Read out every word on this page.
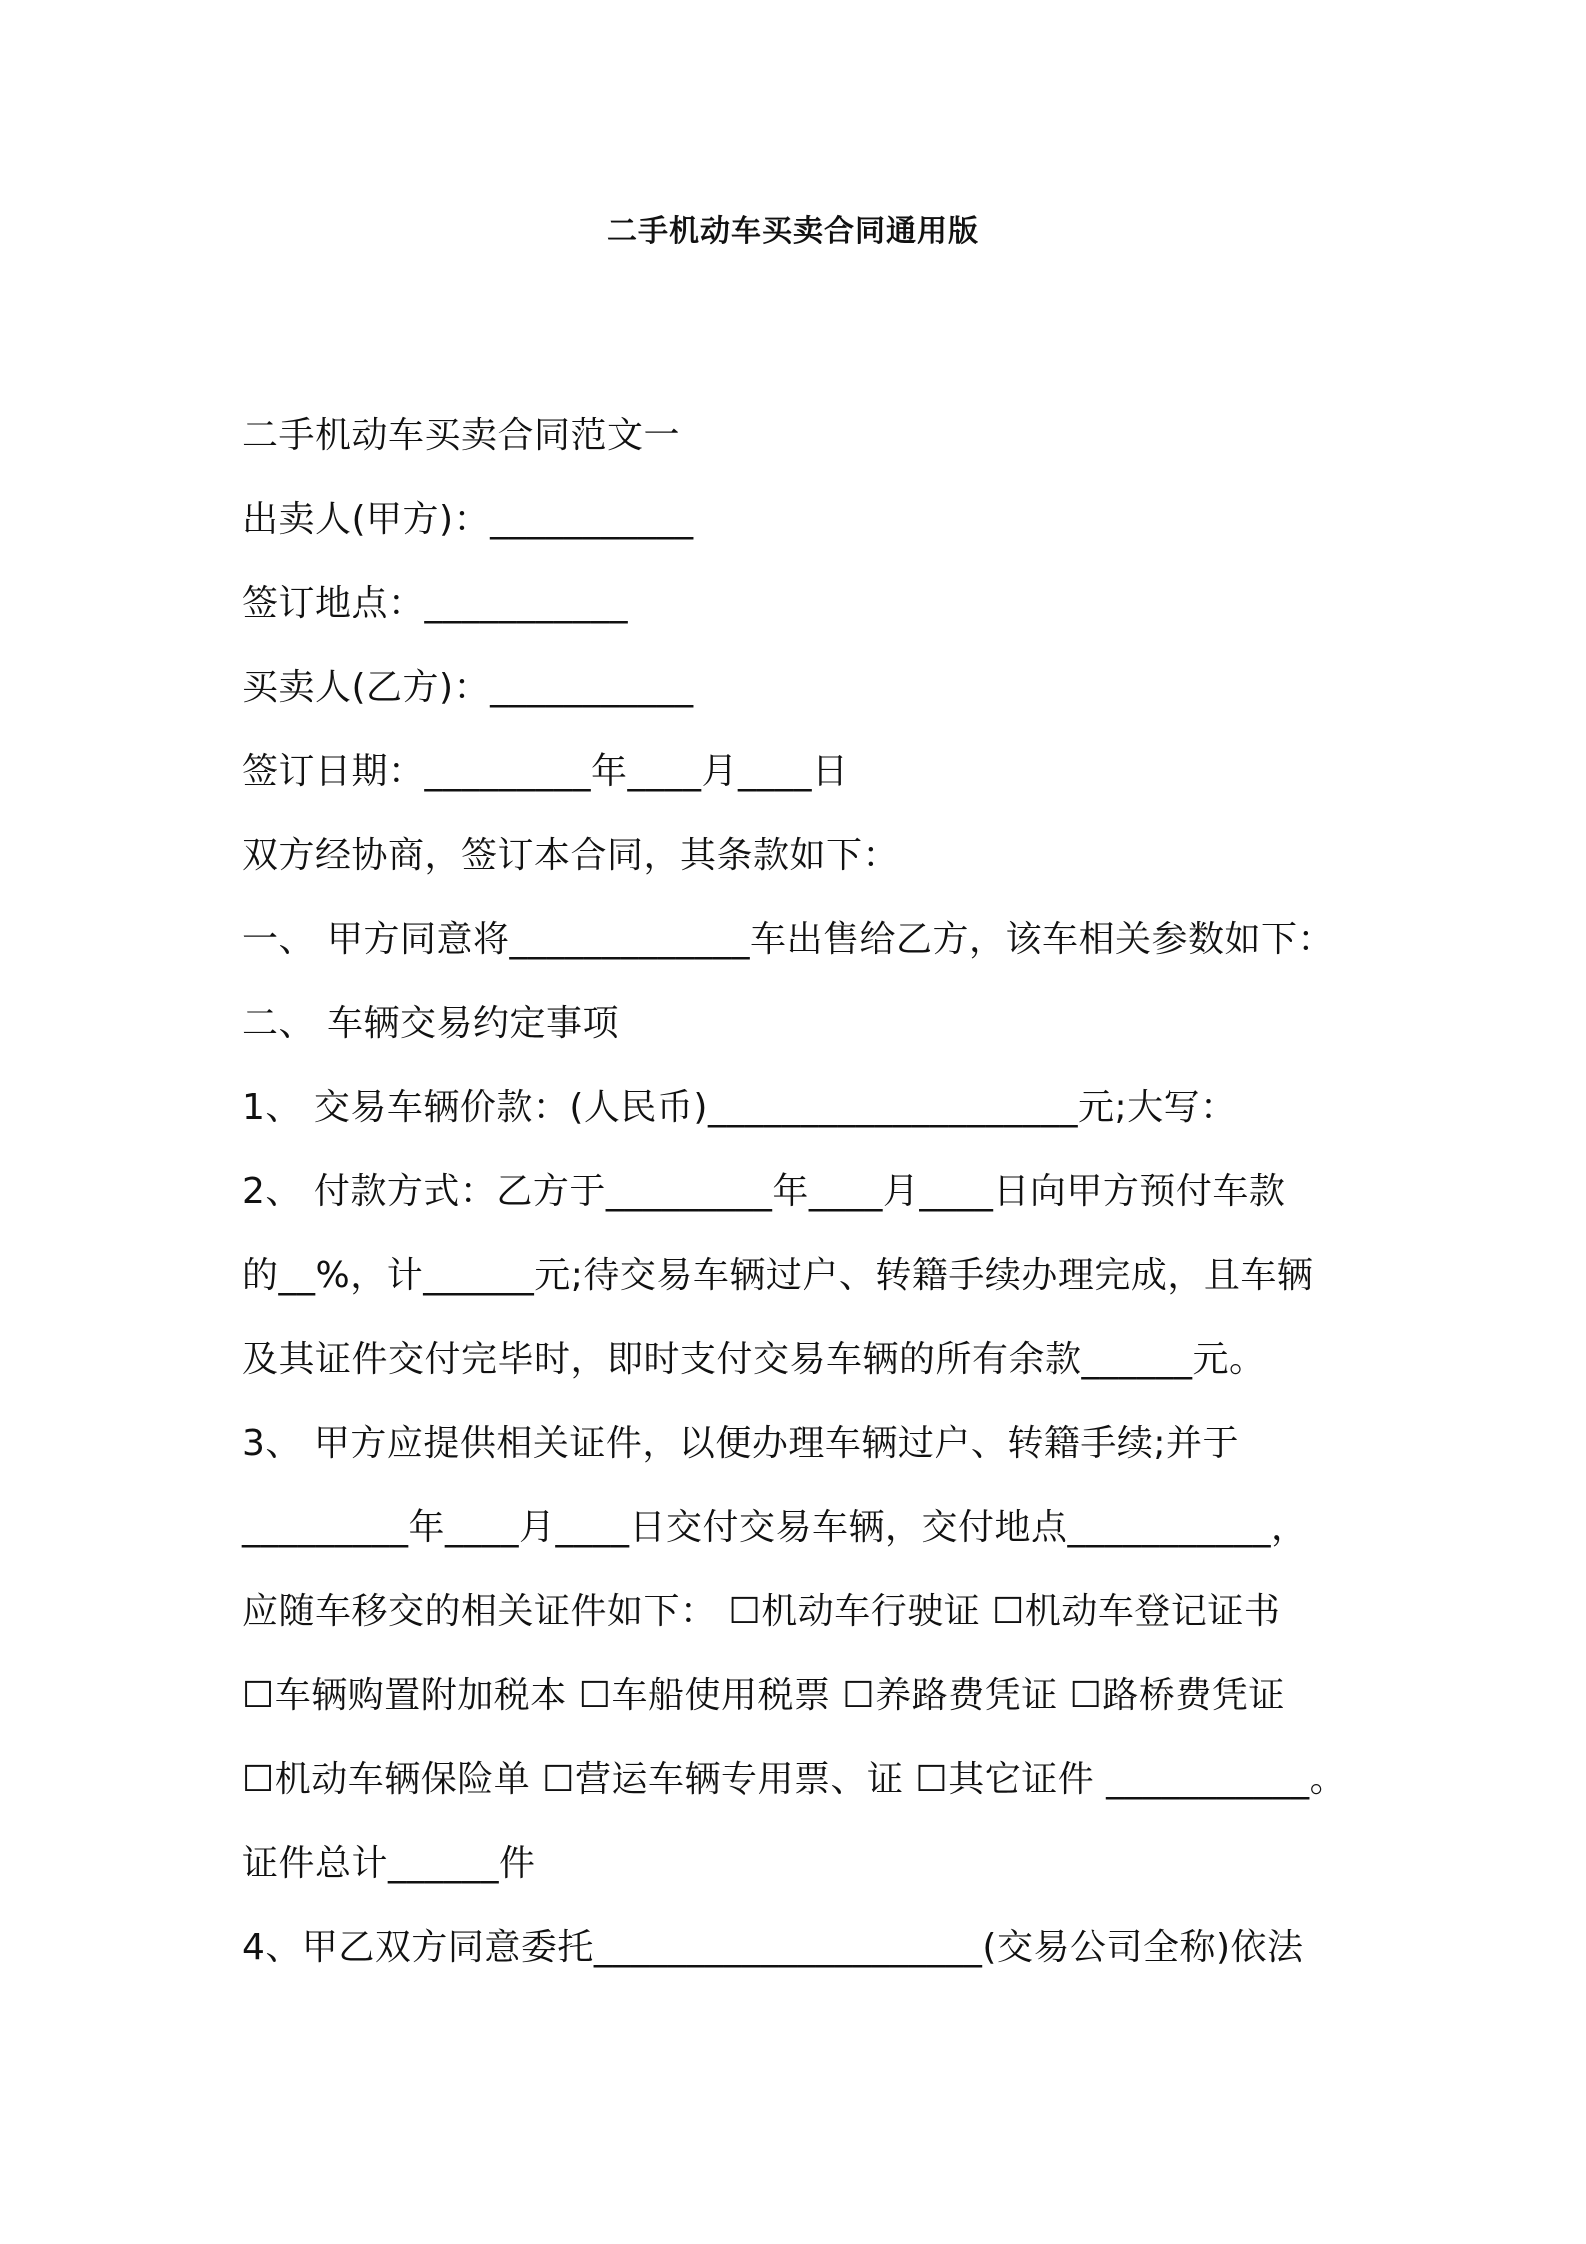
二手机动车买卖合同通用版
二手机动车买卖合同范文一
出卖人(甲方)：___________
签订地点：___________
买卖人(乙方)：___________
签订日期：_________年____月____日
双方经协商，签订本合同，其条款如下：
一、 甲方同意将_____________车出售给乙方，该车相关参数如下：
二、 车辆交易约定事项
1、 交易车辆价款：(人民币)____________________元;大写：
2、 付款方式：乙方于_________年____月____日向甲方预付车款
的__%，计______元;待交易车辆过户、转籍手续办理完成，且车辆
及其证件交付完毕时，即时支付交易车辆的所有余款______元。
3、 甲方应提供相关证件，以便办理车辆过户、转籍手续;并于
_________年____月____日交付交易车辆，交付地点___________，
应随车移交的相关证件如下： ☐机动车行驶证 ☐机动车登记证书
☐车辆购置附加税本 ☐车船使用税票 ☐养路费凭证 ☐路桥费凭证
☐机动车辆保险单 ☐营运车辆专用票、证 ☐其它证件 ___________。
证件总计______件
4、甲乙双方同意委托_____________________(交易公司全称)依法
